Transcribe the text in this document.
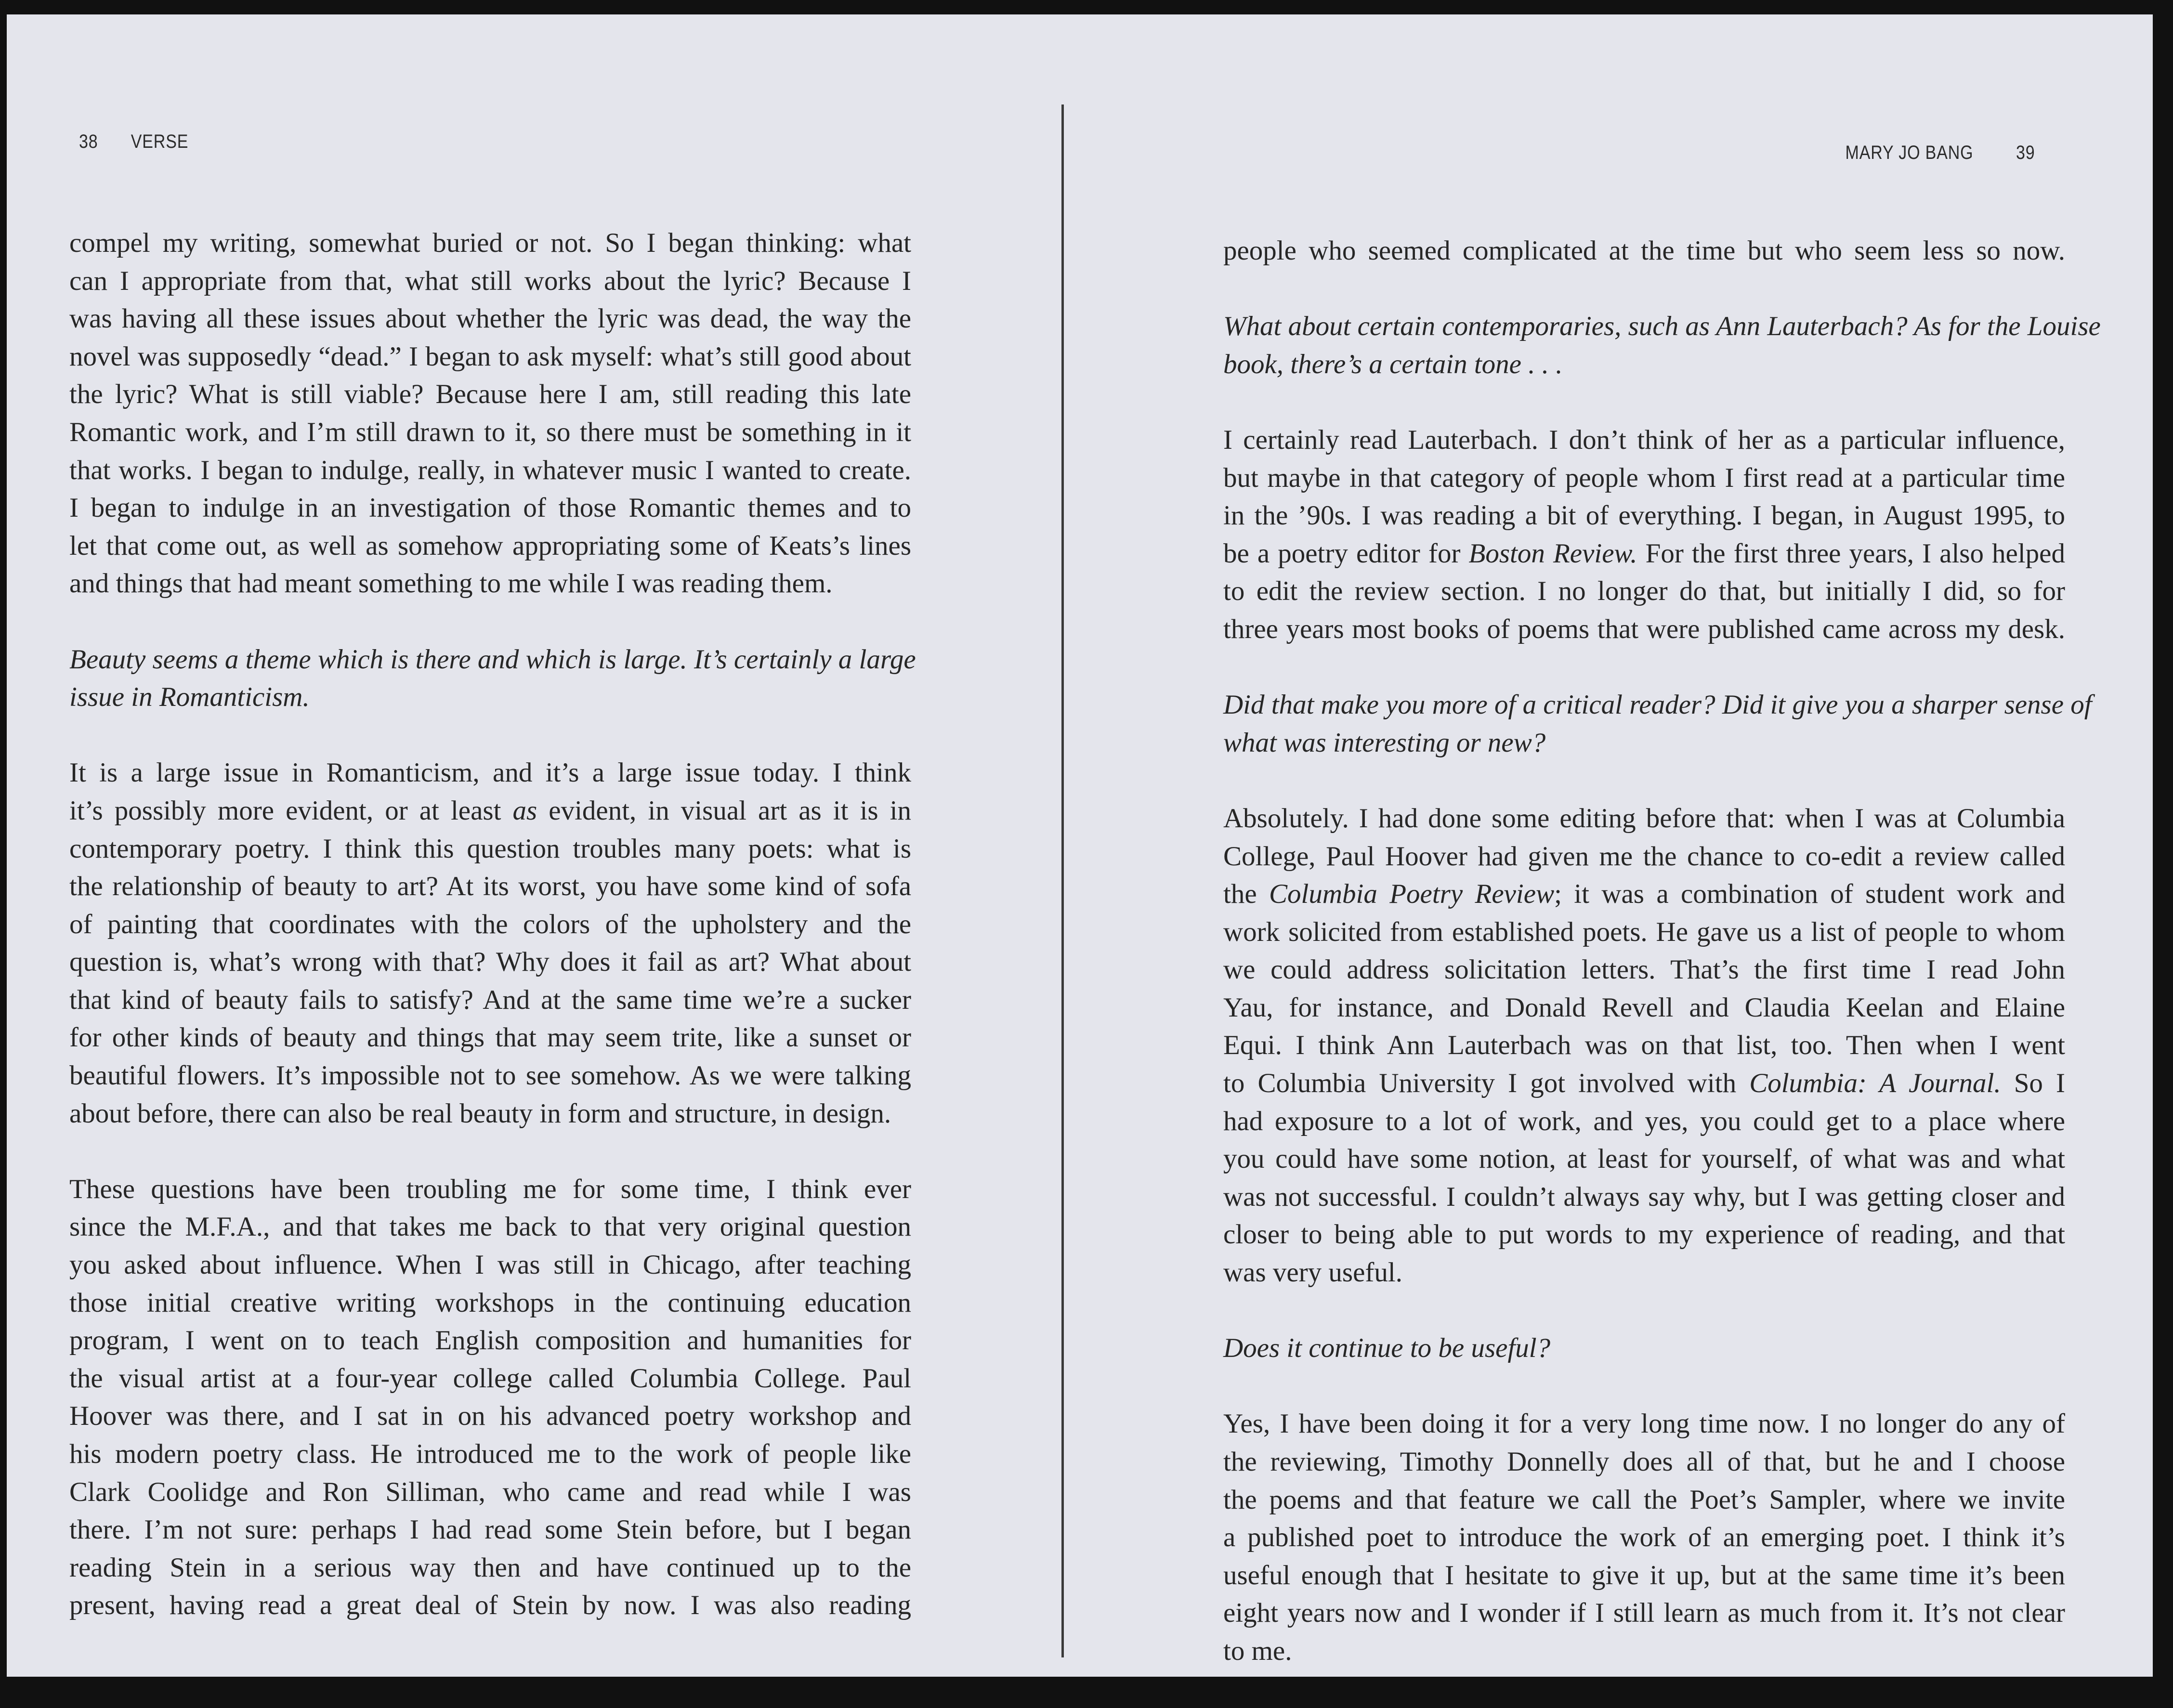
38 VERSE
MARY JO BANG 39
compel my writing, somewhat buried or not. So I began thinking: what
can I appropriate from that, what still works about the lyric? Because I
was having all these issues about whether the lyric was dead, the way the
novel was supposedly “dead.” I began to ask myself: what’s still good about
the lyric? What is still viable? Because here I am, still reading this late
Romantic work, and I’m still drawn to it, so there must be something in it
that works. I began to indulge, really, in whatever music I wanted to create.
I began to indulge in an investigation of those Romantic themes and to
let that come out, as well as somehow appropriating some of Keats’s lines
and things that had meant something to me while I was reading them.
Beauty seems a theme which is there and which is large. It’s certainly a large
issue in Romanticism.
It is a large issue in Romanticism, and it’s a large issue today. I think
it’s possibly more evident, or at least as evident, in visual art as it is in
contemporary poetry. I think this question troubles many poets: what is
the relationship of beauty to art? At its worst, you have some kind of sofa
of painting that coordinates with the colors of the upholstery and the
question is, what’s wrong with that? Why does it fail as art? What about
that kind of beauty fails to satisfy? And at the same time we’re a sucker
for other kinds of beauty and things that may seem trite, like a sunset or
beautiful flowers. It’s impossible not to see somehow. As we were talking
about before, there can also be real beauty in form and structure, in design.
These questions have been troubling me for some time, I think ever
since the M.F.A., and that takes me back to that very original question
you asked about influence. When I was still in Chicago, after teaching
those initial creative writing workshops in the continuing education
program, I went on to teach English composition and humanities for
the visual artist at a four-year college called Columbia College. Paul
Hoover was there, and I sat in on his advanced poetry workshop and
his modern poetry class. He introduced me to the work of people like
Clark Coolidge and Ron Silliman, who came and read while I was
there. I’m not sure: perhaps I had read some Stein before, but I began
reading Stein in a serious way then and have continued up to the
present, having read a great deal of Stein by now. I was also reading
people who seemed complicated at the time but who seem less so now.
What about certain contemporaries, such as Ann Lauterbach? As for the Louise
book, there’s a certain tone . . .
I certainly read Lauterbach. I don’t think of her as a particular influence,
but maybe in that category of people whom I first read at a particular time
in the ’90s. I was reading a bit of everything. I began, in August 1995, to
be a poetry editor for Boston Review. For the first three years, I also helped
to edit the review section. I no longer do that, but initially I did, so for
three years most books of poems that were published came across my desk.
Did that make you more of a critical reader? Did it give you a sharper sense of
what was interesting or new?
Absolutely. I had done some editing before that: when I was at Columbia
College, Paul Hoover had given me the chance to co-edit a review called
the Columbia Poetry Review; it was a combination of student work and
work solicited from established poets. He gave us a list of people to whom
we could address solicitation letters. That’s the first time I read John
Yau, for instance, and Donald Revell and Claudia Keelan and Elaine
Equi. I think Ann Lauterbach was on that list, too. Then when I went
to Columbia University I got involved with Columbia: A Journal. So I
had exposure to a lot of work, and yes, you could get to a place where
you could have some notion, at least for yourself, of what was and what
was not successful. I couldn’t always say why, but I was getting closer and
closer to being able to put words to my experience of reading, and that
was very useful.
Does it continue to be useful?
Yes, I have been doing it for a very long time now. I no longer do any of
the reviewing, Timothy Donnelly does all of that, but he and I choose
the poems and that feature we call the Poet’s Sampler, where we invite
a published poet to introduce the work of an emerging poet. I think it’s
useful enough that I hesitate to give it up, but at the same time it’s been
eight years now and I wonder if I still learn as much from it. It’s not clear
to me.
